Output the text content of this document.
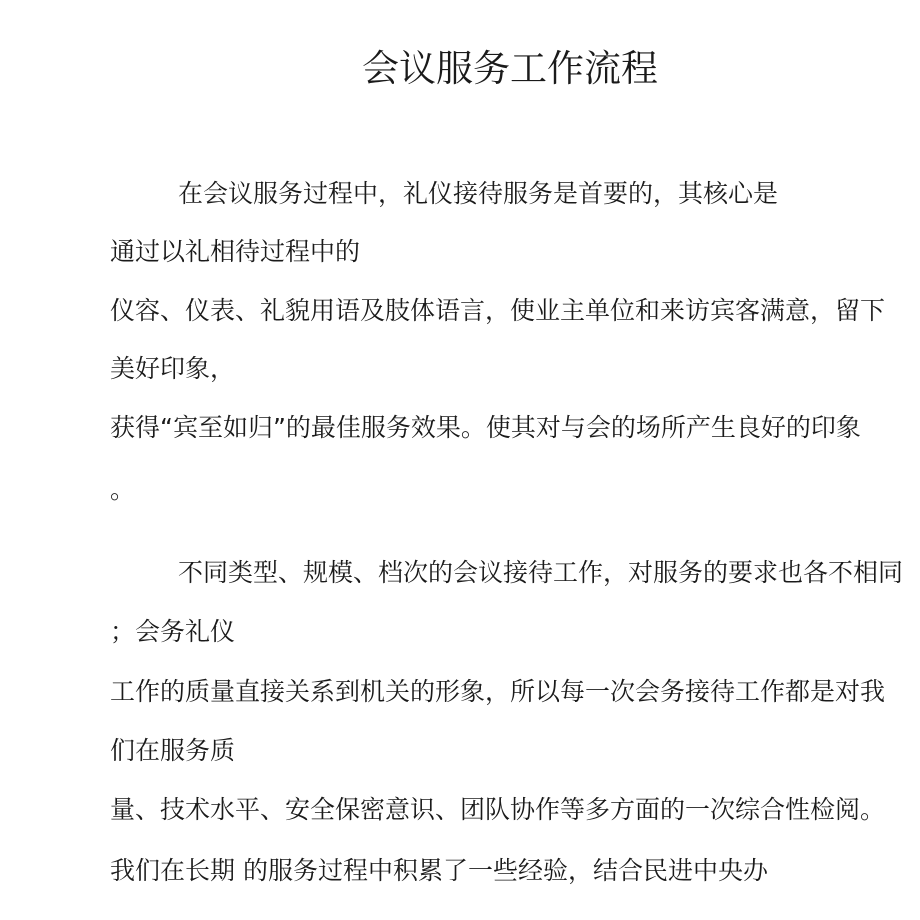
会议服务工作流程
在会议服务过程中，礼仪接待服务是首要的，其核心是
通过以礼相待过程中的
仪容、仪表、礼貌用语及肢体语言，使业主单位和来访宾客满意，留下
美好印象，
获得“宾至如归”的最佳服务效果。使其对与会的场所产生良好的印象
。
不同类型、规模、档次的会议接待工作，对服务的要求也各不相同
；会务礼仪
工作的质量直接关系到机关的形象，所以每一次会务接待工作都是对我
们在服务质
量、技术水平、安全保密意识、团队协作等多方面的一次综合性检阅。
我们在长期 的服务过程中积累了一些经验，结合民进中央办
